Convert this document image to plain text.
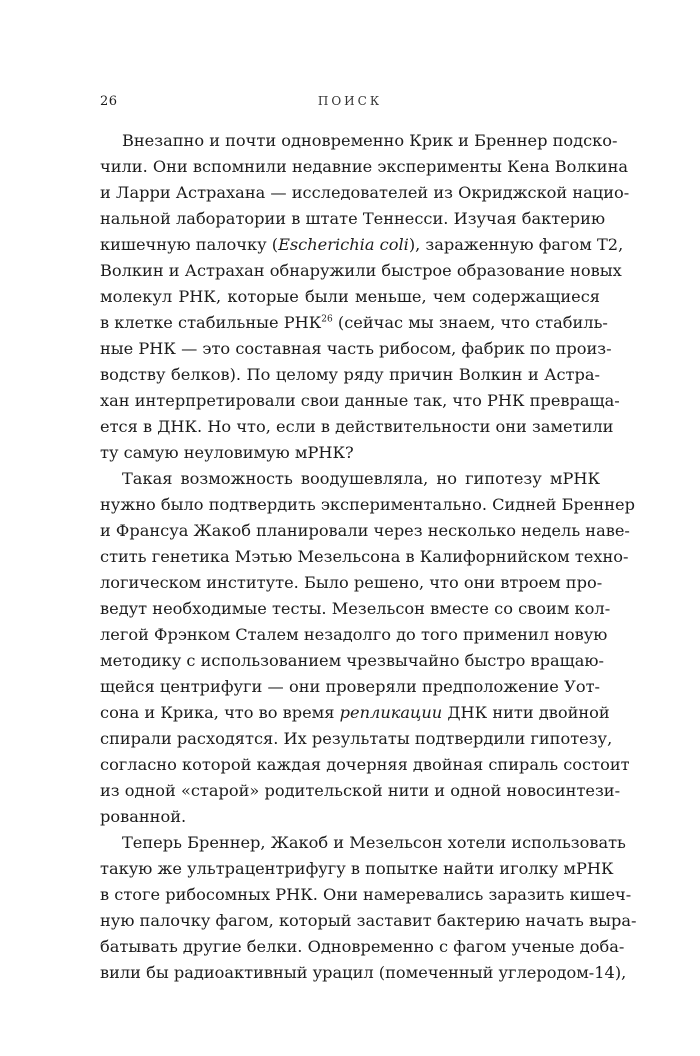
26	ПОИСК
Внезапно и почти одновременно Крик и Бреннер подско-
чили. Они вспомнили недавние эксперименты Кена Волкина
и Ларри Астрахана — исследователей из Окриджской нацио-
нальной лаборатории в штате Теннесси. Изучая бактерию
кишечную палочку (Escherichia coli), зараженную фагом T2,
Волкин и Астрахан обнаружили быстрое образование новых
молекул РНК, которые были меньше, чем содержащиеся
в клетке стабильные РНК$^{26}$ (сейчас мы знаем, что стабиль-
ные РНК — это составная часть рибосом, фабрик по произ-
водству белков). По целому ряду причин Волкин и Астра-
хан интерпретировали свои данные так, что РНК превраща-
ется в ДНК. Но что, если в действительности они заметили
ту самую неуловимую мРНК?
Такая возможность воодушевляла, но гипотезу мРНК
нужно было подтвердить экспериментально. Сидней Бреннер
и Франсуа Жакоб планировали через несколько недель наве-
стить генетика Мэтью Мезельсона в Калифорнийском техно-
логическом институте. Было решено, что они втроем про-
ведут необходимые тесты. Мезельсон вместе со своим кол-
легой Фрэнком Сталем незадолго до того применил новую
методику с использованием чрезвычайно быстро вращаю-
щейся центрифуги — они проверяли предположение Уот-
сона и Крика, что во время репликации ДНК нити двойной
спирали расходятся. Их результаты подтвердили гипотезу,
согласно которой каждая дочерняя двойная спираль состоит
из одной «старой» родительской нити и одной новосинтези-
рованной.
Теперь Бреннер, Жакоб и Мезельсон хотели использовать
такую же ультрацентрифугу в попытке найти иголку мРНК
в стоге рибосомных РНК. Они намеревались заразить кишеч-
ную палочку фагом, который заставит бактерию начать выра-
батывать другие белки. Одновременно с фагом ученые доба-
вили бы радиоактивный урацил (помеченный углеродом-14),
